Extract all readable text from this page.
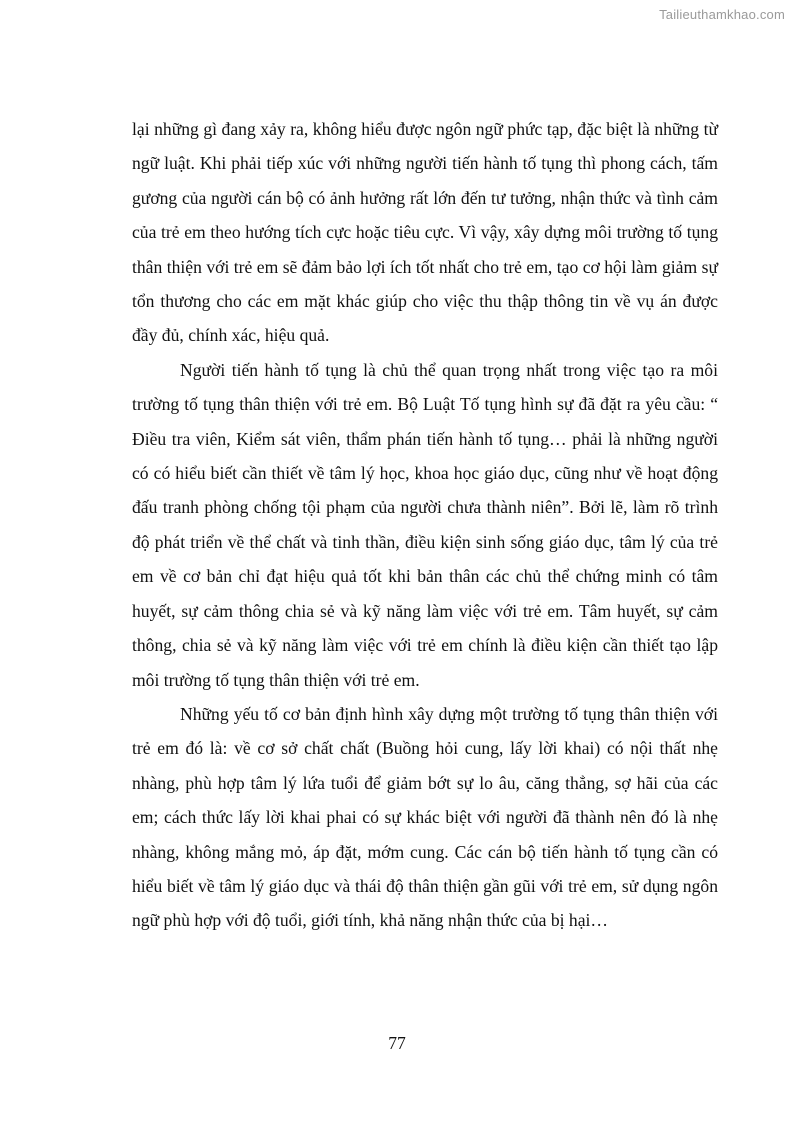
Tailieuthamkhao.com

lại những gì đang xảy ra, không hiểu được ngôn ngữ phức tạp, đặc biệt là những từ ngữ luật. Khi phải tiếp xúc với những người tiến hành tố tụng thì phong cách, tấm gương của người cán bộ có ảnh hưởng rất lớn đến tư tưởng, nhận thức và tình cảm của trẻ em theo hướng tích cực hoặc tiêu cực. Vì vậy, xây dựng môi trường tố tụng thân thiện với trẻ em sẽ đảm bảo lợi ích tốt nhất cho trẻ em, tạo cơ hội làm giảm sự tổn thương cho các em mặt khác giúp cho việc thu thập thông tin về vụ án được đầy đủ, chính xác, hiệu quả.

Người tiến hành tố tụng là chủ thể quan trọng nhất trong việc tạo ra môi trường tố tụng thân thiện với trẻ em. Bộ Luật Tố tụng hình sự đã đặt ra yêu cầu: “ Điều tra viên, Kiểm sát viên, thẩm phán tiến hành tố tụng… phải là những người có có hiểu biết cần thiết về tâm lý học, khoa học giáo dục, cũng như về hoạt động đấu tranh phòng chống tội phạm của người chưa thành niên”. Bởi lẽ, làm rõ trình độ phát triển về thể chất và tinh thần, điều kiện sinh sống giáo dục, tâm lý của trẻ em về cơ bản chỉ đạt hiệu quả tốt khi bản thân các chủ thể chứng minh có tâm huyết, sự cảm thông chia sẻ và kỹ năng làm việc với trẻ em. Tâm huyết, sự cảm thông, chia sẻ và kỹ năng làm việc với trẻ em chính là điều kiện cần thiết tạo lập môi trường tố tụng thân thiện với trẻ em.

Những yếu tố cơ bản định hình xây dựng một trường tố tụng thân thiện với trẻ em đó là: về cơ sở chất chất (Buồng hỏi cung, lấy lời khai) có nội thất nhẹ nhàng, phù hợp tâm lý lứa tuổi để giảm bớt sự lo âu, căng thẳng, sợ hãi của các em; cách thức lấy lời khai phai có sự khác biệt với người đã thành nên đó là nhẹ nhàng, không mắng mỏ, áp đặt, mớm cung. Các cán bộ tiến hành tố tụng cần có hiểu biết về tâm lý giáo dục và thái độ thân thiện gần gũi với trẻ em, sử dụng ngôn ngữ phù hợp với độ tuổi, giới tính, khả năng nhận thức của bị hại…

77
